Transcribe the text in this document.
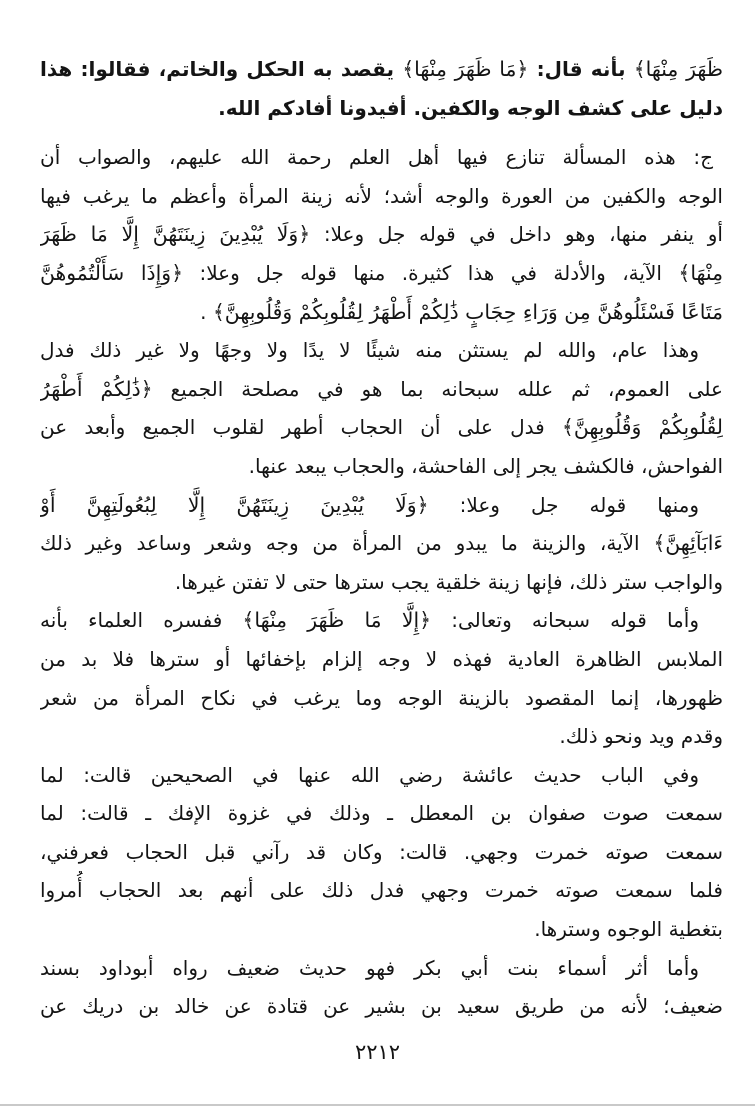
ظَهَرَ مِنْهَا﴾ بأنه قال: ﴿مَا ظَهَرَ مِنْهَا﴾ يقصد به الحكل والخاتم، فقالوا: هذا
دليل على كشف الوجه والكفين. أفيدونا أفادكم الله.
ج: هذه المسألة تنازع فيها أهل العلم رحمة الله عليهم، والصواب أن
الوجه والكفين من العورة والوجه أشد؛ لأنه زينة المرأة وأعظم ما يرغب فيها
أو ينفر منها، وهو داخل في قوله جل وعلا: ﴿وَلَا يُبْدِينَ زِينَتَهُنَّ إِلَّا مَا ظَهَرَ
مِنْهَا﴾ الآية، والأدلة في هذا كثيرة. منها قوله جل وعلا: ﴿وَإِذَا سَأَلْتُمُوهُنَّ
مَتَاعًا فَسْئَلُوهُنَّ مِن وَرَاءِ حِجَابٍ ذَٰلِكُمْ أَطْهَرُ لِقُلُوبِكُمْ وَقُلُوبِهِنَّ﴾ .
وهذا عام، والله لم يستثن منه شيئًا لا يدًا ولا وجهًا ولا غير ذلك فدل
على العموم، ثم علله سبحانه بما هو في مصلحة الجميع ﴿ذَٰلِكُمْ أَطْهَرُ
لِقُلُوبِكُمْ وَقُلُوبِهِنَّ﴾ فدل على أن الحجاب أطهر لقلوب الجميع وأبعد عن
الفواحش، فالكشف يجر إلى الفاحشة، والحجاب يبعد عنها.
ومنها قوله جل وعلا: ﴿وَلَا يُبْدِينَ زِينَتَهُنَّ إِلَّا لِبُعُولَتِهِنَّ أَوْ
ءَابَآئِهِنَّ﴾ الآية، والزينة ما يبدو من المرأة من وجه وشعر وساعد وغير ذلك
والواجب ستر ذلك، فإنها زينة خلقية يجب سترها حتى لا تفتن غيرها.
وأما قوله سبحانه وتعالى: ﴿إِلَّا مَا ظَهَرَ مِنْهَا﴾ ففسره العلماء بأنه
الملابس الظاهرة العادية فهذه لا وجه إلزام بإخفائها أو سترها فلا بد من
ظهورها، إنما المقصود بالزينة الوجه وما يرغب في نكاح المرأة من شعر
وقدم ويد ونحو ذلك.
وفي الباب حديث عائشة رضي الله عنها في الصحيحين قالت: لما
سمعت صوت صفوان بن المعطل ـ وذلك في غزوة الإفك ـ قالت: لما
سمعت صوته خمرت وجهي. قالت: وكان قد رآني قبل الحجاب فعرفني،
فلما سمعت صوته خمرت وجهي فدل ذلك على أنهم بعد الحجاب أُمروا
بتغطية الوجوه وسترها.
وأما أثر أسماء بنت أبي بكر فهو حديث ضعيف رواه أبوداود بسند
ضعيف؛ لأنه من طريق سعيد بن بشير عن قتادة عن خالد بن دريك عن
٢٢١٢
